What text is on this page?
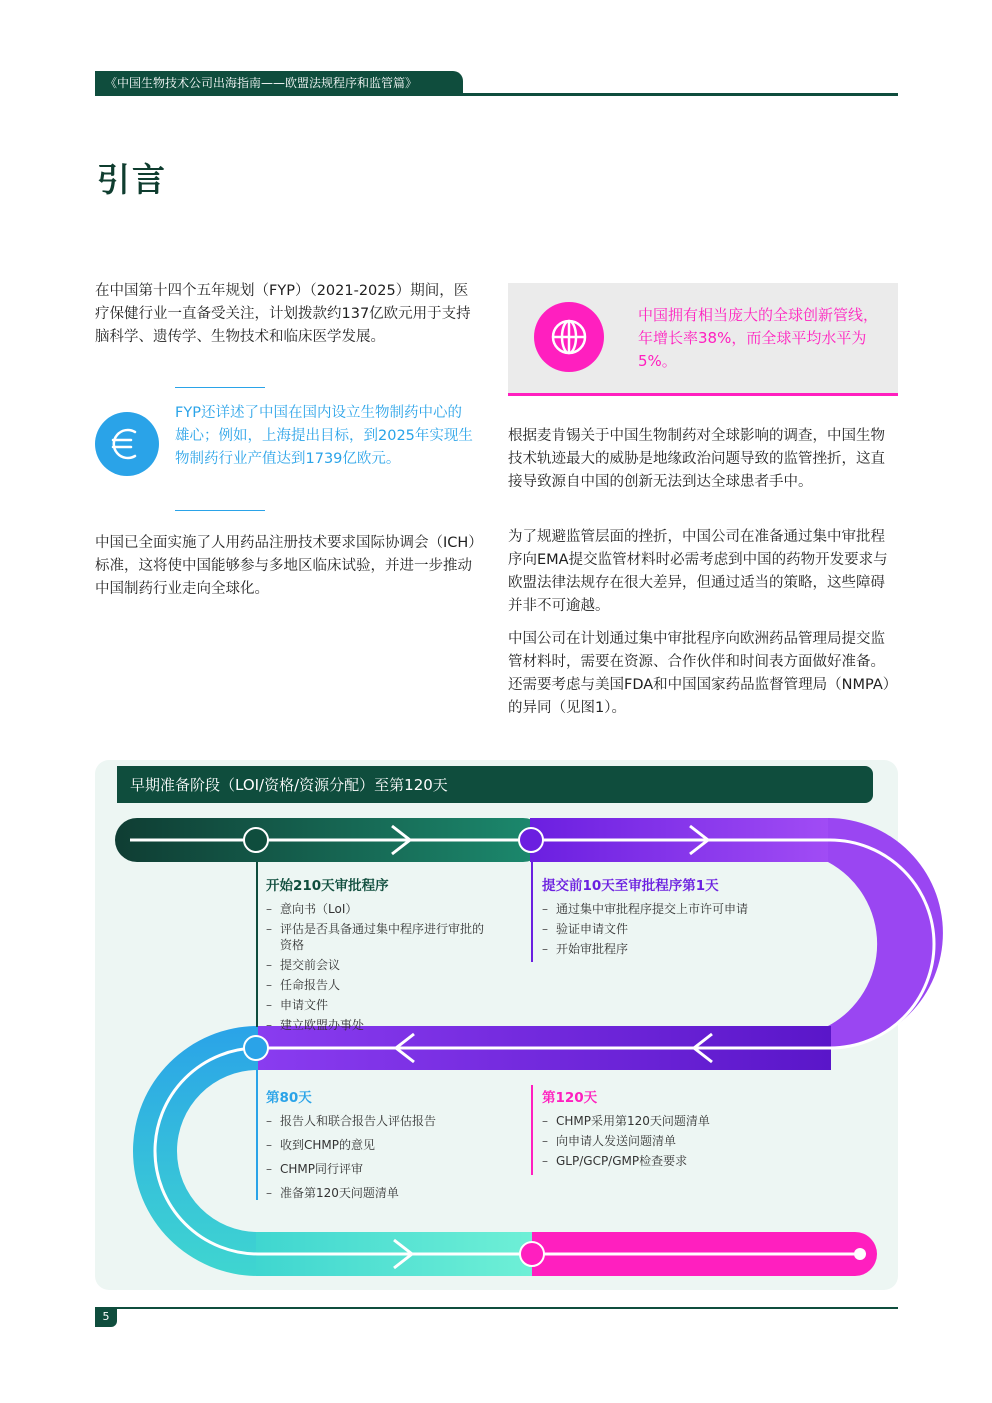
《中国生物技术公司出海指南——欧盟法规程序和监管篇》
引言

在中国第十四个五年规划（FYP）（2021-2025）期间，医疗保健行业一直备受关注，计划拨款约137亿欧元用于支持脑科学、遗传学、生物技术和临床医学发展。

FYP还详述了中国在国内设立生物制药中心的雄心；例如，上海提出目标，到2025年实现生物制药行业产值达到1739亿欧元。

中国已全面实施了人用药品注册技术要求国际协调会（ICH）标准，这将使中国能够参与多地区临床试验，并进一步推动中国制药行业走向全球化。

中国拥有相当庞大的全球创新管线，年增长率38%，而全球平均水平为5%。

根据麦肯锡关于中国生物制药对全球影响的调查，中国生物技术轨迹最大的威胁是地缘政治问题导致的监管挫折，这直接导致源自中国的创新无法到达全球患者手中。

为了规避监管层面的挫折，中国公司在准备通过集中审批程序向EMA提交监管材料时必需考虑到中国的药物开发要求与欧盟法律法规存在很大差异，但通过适当的策略，这些障碍并非不可逾越。

中国公司在计划通过集中审批程序向欧洲药品管理局提交监管材料时，需要在资源、合作伙伴和时间表方面做好准备。还需要考虑与美国FDA和中国国家药品监督管理局（NMPA）的异同（见图1）。

早期准备阶段（LOI/资格/资源分配）至第120天
开始210天审批程序
– 意向书（LoI）
– 评估是否具备通过集中程序进行审批的资格
– 提交前会议
– 任命报告人
– 申请文件
– 建立欧盟办事处
提交前10天至审批程序第1天
– 通过集中审批程序提交上市许可申请
– 验证申请文件
– 开始审批程序
第80天
– 报告人和联合报告人评估报告
– 收到CHMP的意见
– CHMP同行评审
– 准备第120天问题清单
第120天
– CHMP采用第120天问题清单
– 向申请人发送问题清单
– GLP/GCP/GMP检查要求
5
